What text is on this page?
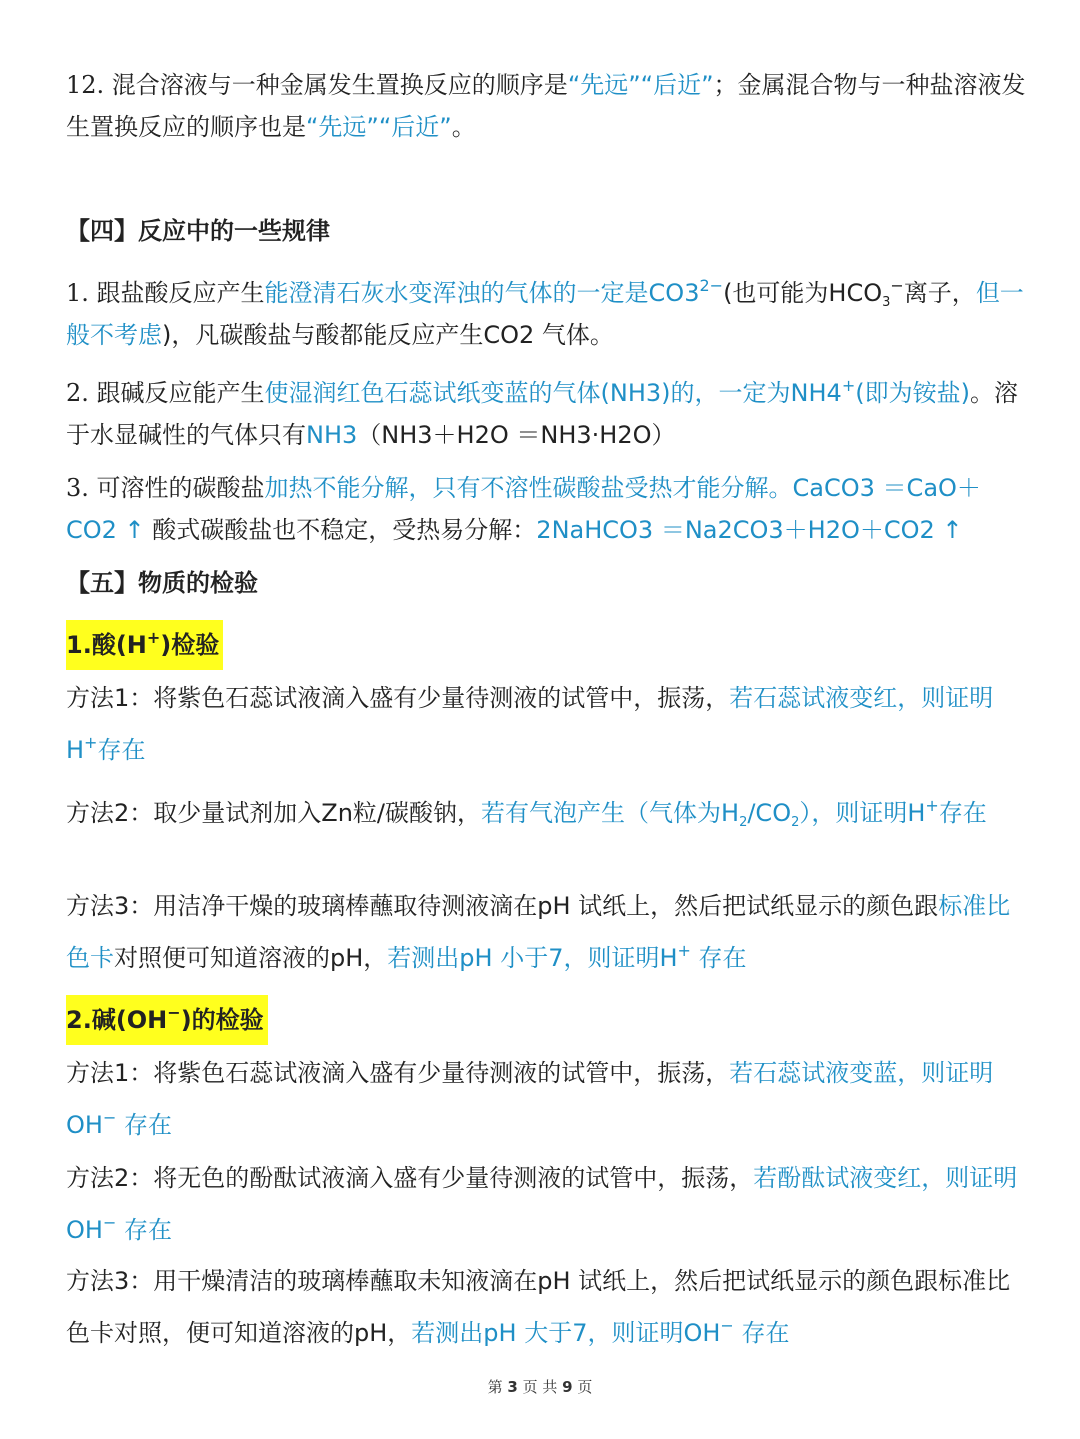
12. 混合溶液与一种金属发生置换反应的顺序是“先远”“后近”；金属混合物与一种盐溶液发生置换反应的顺序也是“先远”“后近”。
【四】反应中的一些规律
1. 跟盐酸反应产生能澄清石灰水变浑浊的气体的一定是$CO3^{2-}$(也可能为$HCO_3^-$离子，但一般不考虑)，凡碳酸盐与酸都能反应产生CO2 气体。
2. 跟碱反应能产生使湿润红色石蕊试纸变蓝的气体(NH3)的，一定为NH4+(即为铵盐)。溶于水显碱性的气体只有NH3（NH3＋H2O ＝NH3·H2O）
3. 可溶性的碳酸盐加热不能分解，只有不溶性碳酸盐受热才能分解。CaCO3 ＝CaO＋CO2 ↑ 酸式碳酸盐也不稳定，受热易分解：2NaHCO3 ＝Na2CO3＋H2O＋CO2 ↑
【五】物质的检验
1.酸(H+)检验
方法1：将紫色石蕊试液滴入盛有少量待测液的试管中，振荡，若石蕊试液变红，则证明H+存在
方法2：取少量试剂加入Zn粒/碳酸钠，若有气泡产生（气体为$H_2/CO_2$），则证明H+存在
方法3：用洁净干燥的玻璃棒蘸取待测液滴在pH 试纸上，然后把试纸显示的颜色跟标准比色卡对照便可知道溶液的pH，若测出pH 小于7，则证明H+ 存在
2.碱(OH−)的检验
方法1：将紫色石蕊试液滴入盛有少量待测液的试管中，振荡，若石蕊试液变蓝，则证明 OH− 存在
方法2：将无色的酚酞试液滴入盛有少量待测液的试管中，振荡，若酚酞试液变红，则证明 OH− 存在
方法3：用干燥清洁的玻璃棒蘸取未知液滴在pH 试纸上，然后把试纸显示的颜色跟标准比色卡对照，便可知道溶液的pH，若测出pH 大于7，则证明OH− 存在
第 3 页 共 9 页
